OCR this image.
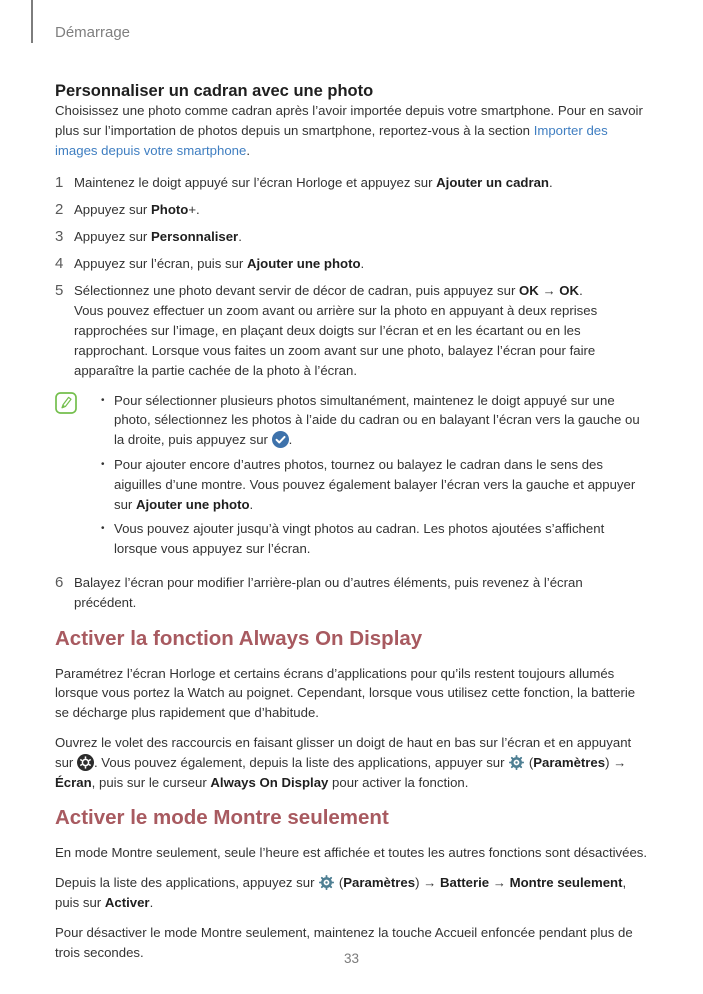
Démarrage
Personnaliser un cadran avec une photo

Choisissez une photo comme cadran après l’avoir importée depuis votre smartphone. Pour en savoir plus sur l’importation de photos depuis un smartphone, reportez-vous à la section Importer des images depuis votre smartphone.

1 Maintenez le doigt appuyé sur l’écran Horloge et appuyez sur Ajouter un cadran.
2 Appuyez sur Photo+.
3 Appuyez sur Personnaliser.
4 Appuyez sur l’écran, puis sur Ajouter une photo.
5 Sélectionnez une photo devant servir de décor de cadran, puis appuyez sur OK → OK.
Vous pouvez effectuer un zoom avant ou arrière sur la photo en appuyant à deux reprises rapprochées sur l’image, en plaçant deux doigts sur l’écran et en les écartant ou en les rapprochant. Lorsque vous faites un zoom avant sur une photo, balayez l’écran pour faire apparaître la partie cachée de la photo à l’écran.
• Pour sélectionner plusieurs photos simultanément, maintenez le doigt appuyé sur une photo, sélectionnez les photos à l’aide du cadran ou en balayant l’écran vers la gauche ou la droite, puis appuyez sur
.
• Pour ajouter encore d’autres photos, tournez ou balayez le cadran dans le sens des aiguilles d’une montre. Vous pouvez également balayer l’écran vers la gauche et appuyer sur Ajouter une photo.
• Vous pouvez ajouter jusqu’à vingt photos au cadran. Les photos ajoutées s’affichent lorsque vous appuyez sur l’écran.
6 Balayez l’écran pour modifier l’arrière-plan ou d’autres éléments, puis revenez à l’écran précédent.
Activer la fonction Always On Display

Paramétrez l’écran Horloge et certains écrans d’applications pour qu’ils restent toujours allumés lorsque vous portez la Watch au poignet. Cependant, lorsque vous utilisez cette fonction, la batterie se décharge plus rapidement que d’habitude.

Ouvrez le volet des raccourcis en faisant glisser un doigt de haut en bas sur l’écran et en appuyant sur
. Vous pouvez également, depuis la liste des applications, appuyer sur
(Paramètres) → Écran, puis sur le curseur Always On Display pour activer la fonction.

Activer le mode Montre seulement

En mode Montre seulement, seule l’heure est affichée et toutes les autres fonctions sont désactivées.

Depuis la liste des applications, appuyez sur
(Paramètres) → Batterie → Montre seulement, puis sur Activer.

Pour désactiver le mode Montre seulement, maintenez la touche Accueil enfoncée pendant plus de trois secondes.	33
